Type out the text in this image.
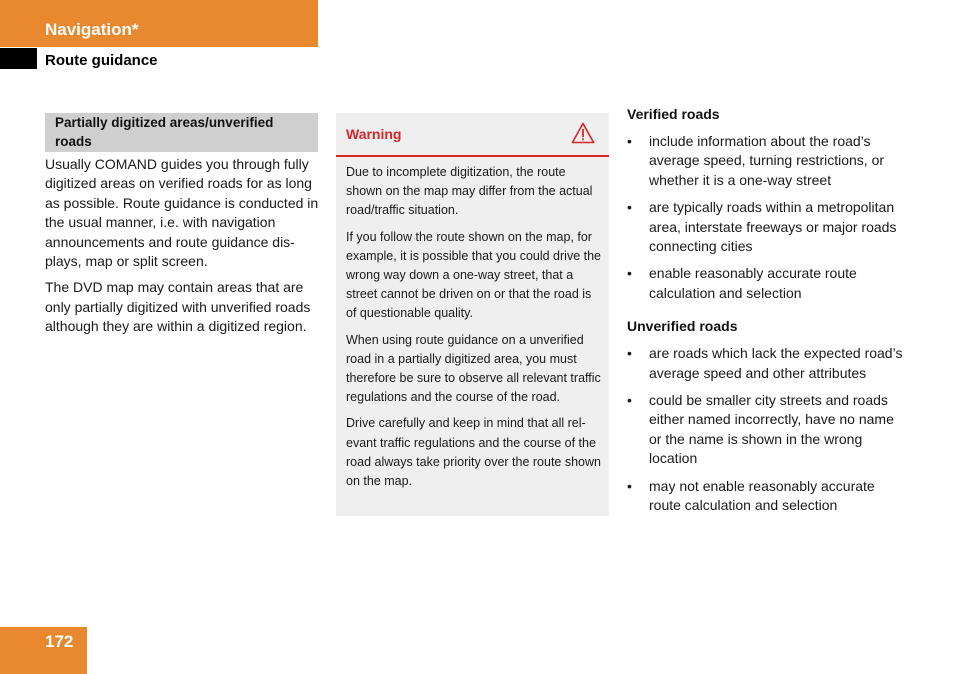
Navigation*
Route guidance
Partially digitized areas/unverified roads

Usually COMAND guides you through fully digitized areas on verified roads for as long as possible. Route guidance is conducted in the usual manner, i.e. with navigation announcements and route guidance dis-plays, map or split screen.

The DVD map may contain areas that are only partially digitized with unverified roads although they are within a digitized region.

Warning

Due to incomplete digitization, the route shown on the map may differ from the actual road/traffic situation.

If you follow the route shown on the map, for example, it is possible that you could drive the wrong way down a one-way street, that a street cannot be driven on or that the road is of questionable quality.

When using route guidance on a unverified road in a partially digitized area, you must therefore be sure to observe all relevant traffic regulations and the course of the road.

Drive carefully and keep in mind that all rel-evant traffic regulations and the course of the road always take priority over the route shown on the map.

Verified roads
• include information about the road’s average speed, turning restrictions, or whether it is a one-way street
• are typically roads within a metropolitan area, interstate freeways or major roads connecting cities
• enable reasonably accurate route calculation and selection
Unverified roads
• are roads which lack the expected road’s average speed and other attributes
• could be smaller city streets and roads either named incorrectly, have no name or the name is shown in the wrong location
• may not enable reasonably accurate route calculation and selection
172
